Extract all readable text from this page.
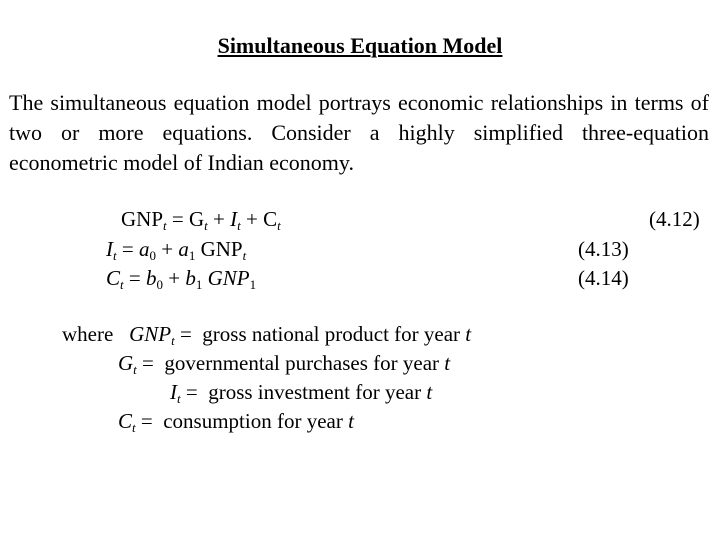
Simultaneous Equation Model
The simultaneous equation model portrays economic relationships in terms of two or more equations. Consider a highly simplified three-equation econometric model of Indian economy.
$GNP_t = G_t + I_t + C_t$	(4.12)
$I_t = a_0 + a_1$ $GNP_t$	(4.13)
$C_t = b_0 + b_1$ $GNP_1$	(4.14)
where $GNP_t$ =  gross national product for year t
$G_t$ =  governmental purchases for year t
$I_t$ =  gross investment for year t
$C_t$ =  consumption for year t
